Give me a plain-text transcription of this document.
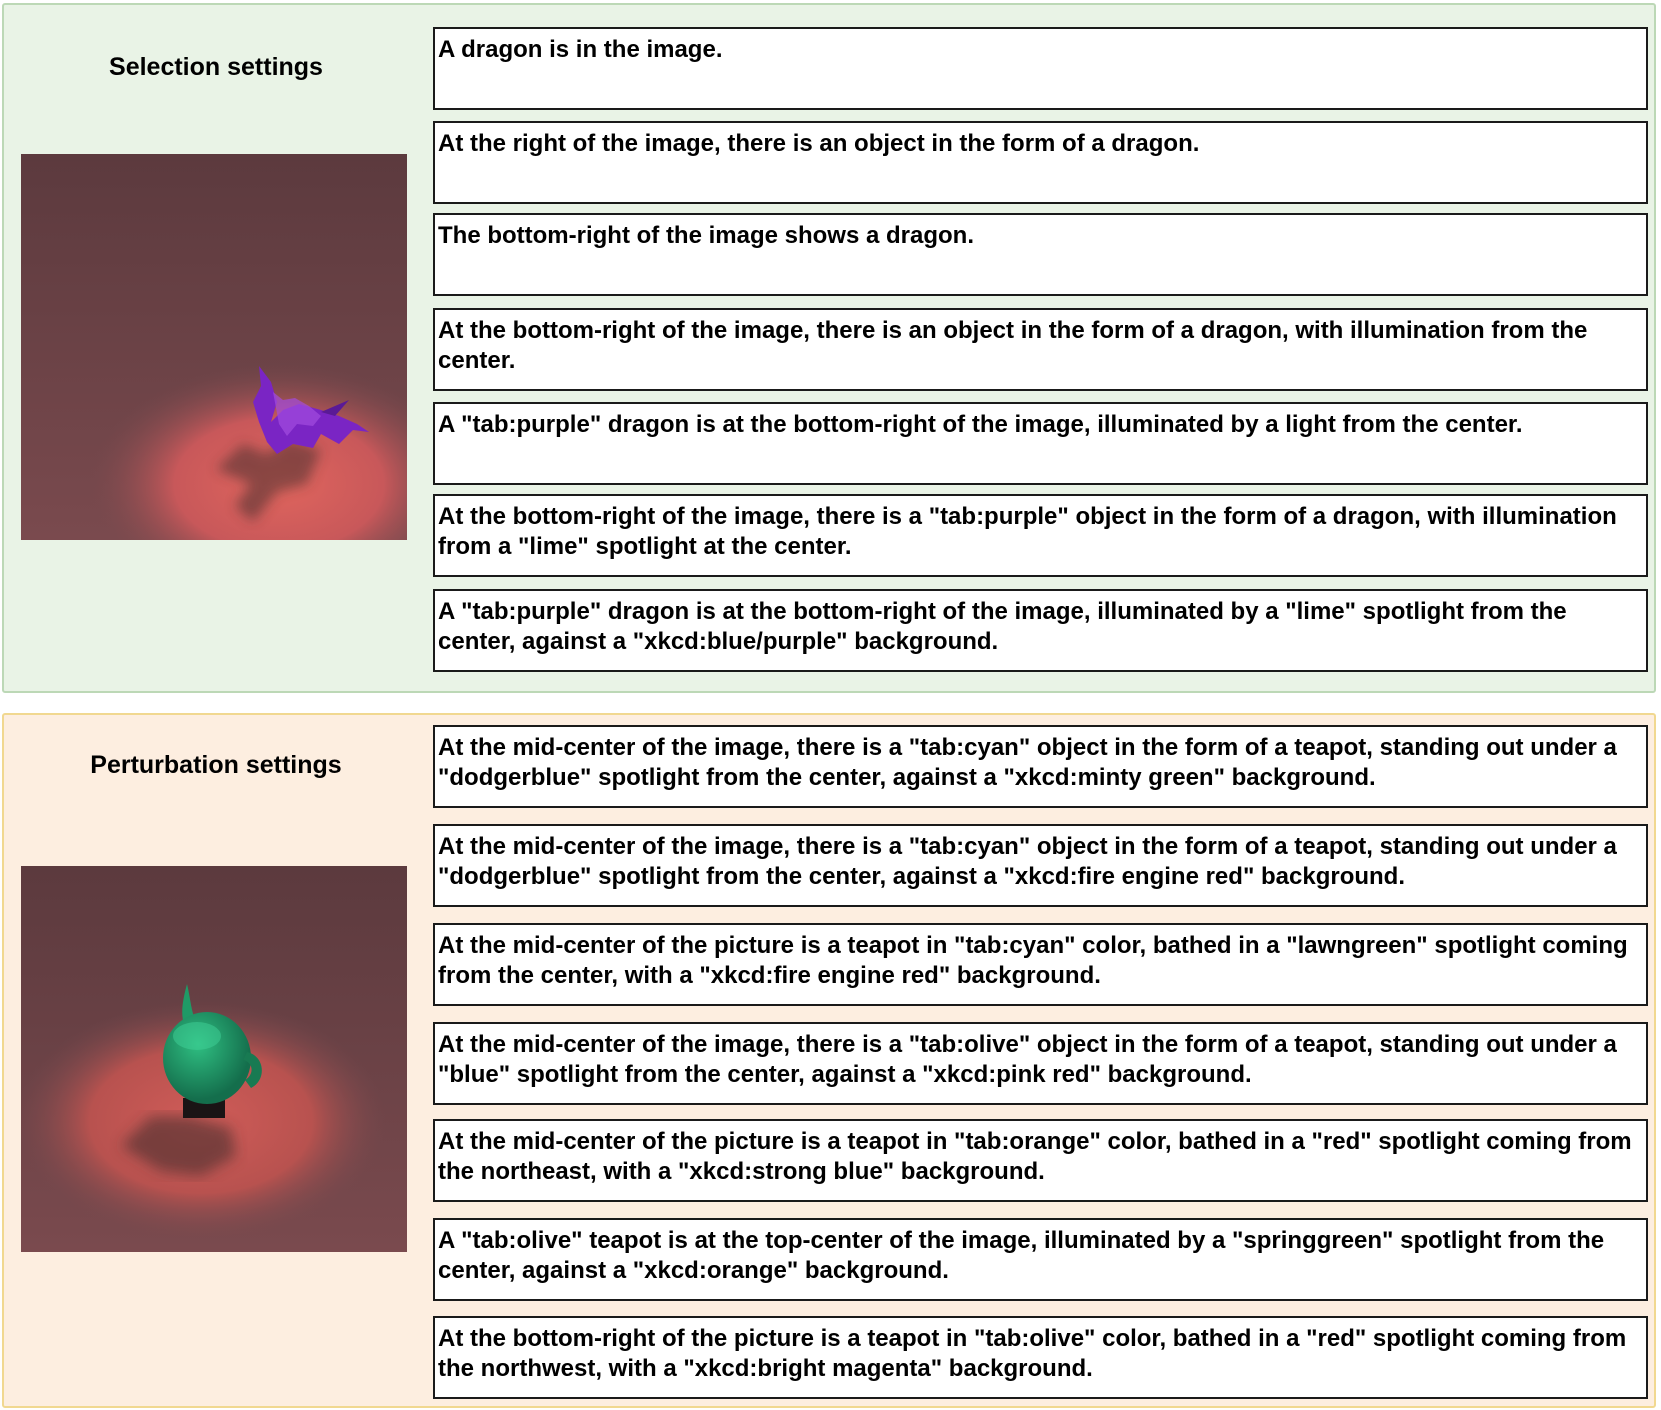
Selection settings
A dragon is in the image.
At the right of the image, there is an object in the form of a dragon.
The bottom-right of the image shows a dragon.
At the bottom-right of the image, there is an object in the form of a dragon, with illumination from the center.
A "tab:purple" dragon is at the bottom-right of the image, illuminated by a light from the center.
At the bottom-right of the image, there is a "tab:purple" object in the form of a dragon, with illumination from a "lime" spotlight at the center.
A "tab:purple" dragon is at the bottom-right of the image, illuminated by a "lime" spotlight from the center, against a "xkcd:blue/purple" background.
Perturbation settings
At the mid-center of the image, there is a "tab:cyan" object in the form of a teapot, standing out under a "dodgerblue" spotlight from the center, against a "xkcd:minty green" background.
At the mid-center of the image, there is a "tab:cyan" object in the form of a teapot, standing out under a "dodgerblue" spotlight from the center, against a "xkcd:fire engine red" background.
At the mid-center of the picture is a teapot in "tab:cyan" color, bathed in a "lawngreen" spotlight coming from the center, with a "xkcd:fire engine red" background.
At the mid-center of the image, there is a "tab:olive" object in the form of a teapot, standing out under a "blue" spotlight from the center, against a "xkcd:pink red" background.
At the mid-center of the picture is a teapot in "tab:orange" color, bathed in a "red" spotlight coming from the northeast, with a "xkcd:strong blue" background.
A "tab:olive" teapot is at the top-center of the image, illuminated by a "springgreen" spotlight from the center, against a "xkcd:orange" background.
At the bottom-right of the picture is a teapot in "tab:olive" color, bathed in a "red" spotlight coming from the northwest, with a "xkcd:bright magenta" background.
